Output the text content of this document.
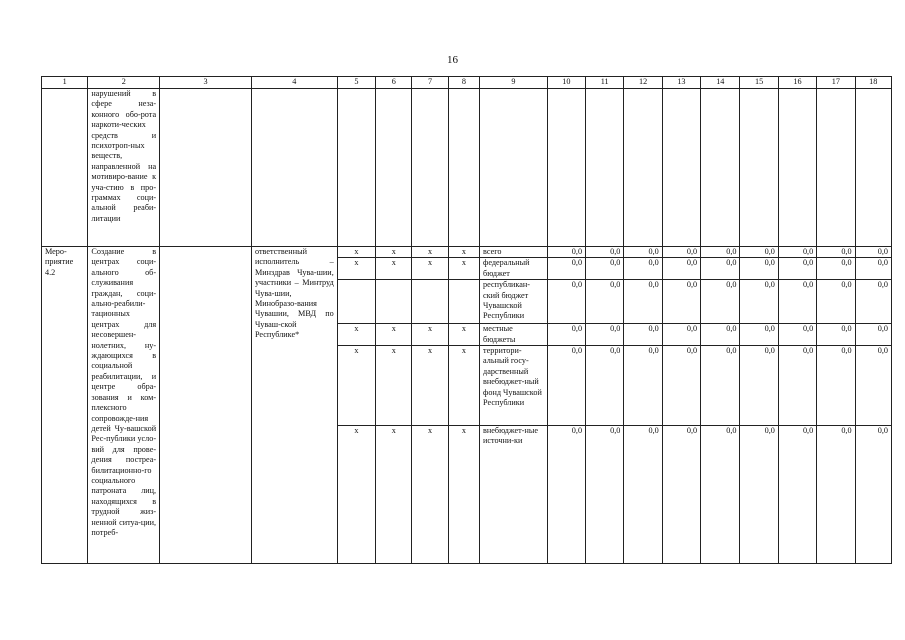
16
1	2	3	4	5	6	7	8	9	10	11	12	13	14	15	16	17	18
	нарушений в сфере неза-конного обо-рота наркоти-ческих средств и психотроп-ных веществ, направленной на мотивиро-вание к уча-стию в про-граммах соци-альной реаби-литации																
Меро-приятие 4.2	Создание в центрах соци-ального об-служивания граждан, соци-ально-реабили-тационных центрах для несовершен-нолетних, ну-ждающихся в социальной реабилитации, и центре обра-зования и ком-плексного сопровожде-ния детей Чу-вашской Рес-публики усло-вий для прове-дения постреа-билитационно-го социального патроната лиц, находящихся в трудной жиз-ненной ситуа-ции, потреб-		ответственный исполнитель – Минздрав Чува-шии, участники – Минтруд Чува-шии, Минобразо-вания Чувашии, МВД по Чуваш-ской Республике*	х	х	х	х	всего	0,0	0,0	0,0	0,0	0,0	0,0	0,0	0,0	0,0
				х	х	х	х	федеральный бюджет	0,0	0,0	0,0	0,0	0,0	0,0	0,0	0,0	0,0
								республикан-ский бюджет Чувашской Республики	0,0	0,0	0,0	0,0	0,0	0,0	0,0	0,0	0,0
				х	х	х	х	местные бюджеты	0,0	0,0	0,0	0,0	0,0	0,0	0,0	0,0	0,0
				х	х	х	х	территори-альный госу-дарственный внебюджет-ный фонд Чувашской Республики	0,0	0,0	0,0	0,0	0,0	0,0	0,0	0,0	0,0
				х	х	х	х	внебюджет-ные источни-ки	0,0	0,0	0,0	0,0	0,0	0,0	0,0	0,0	0,0
